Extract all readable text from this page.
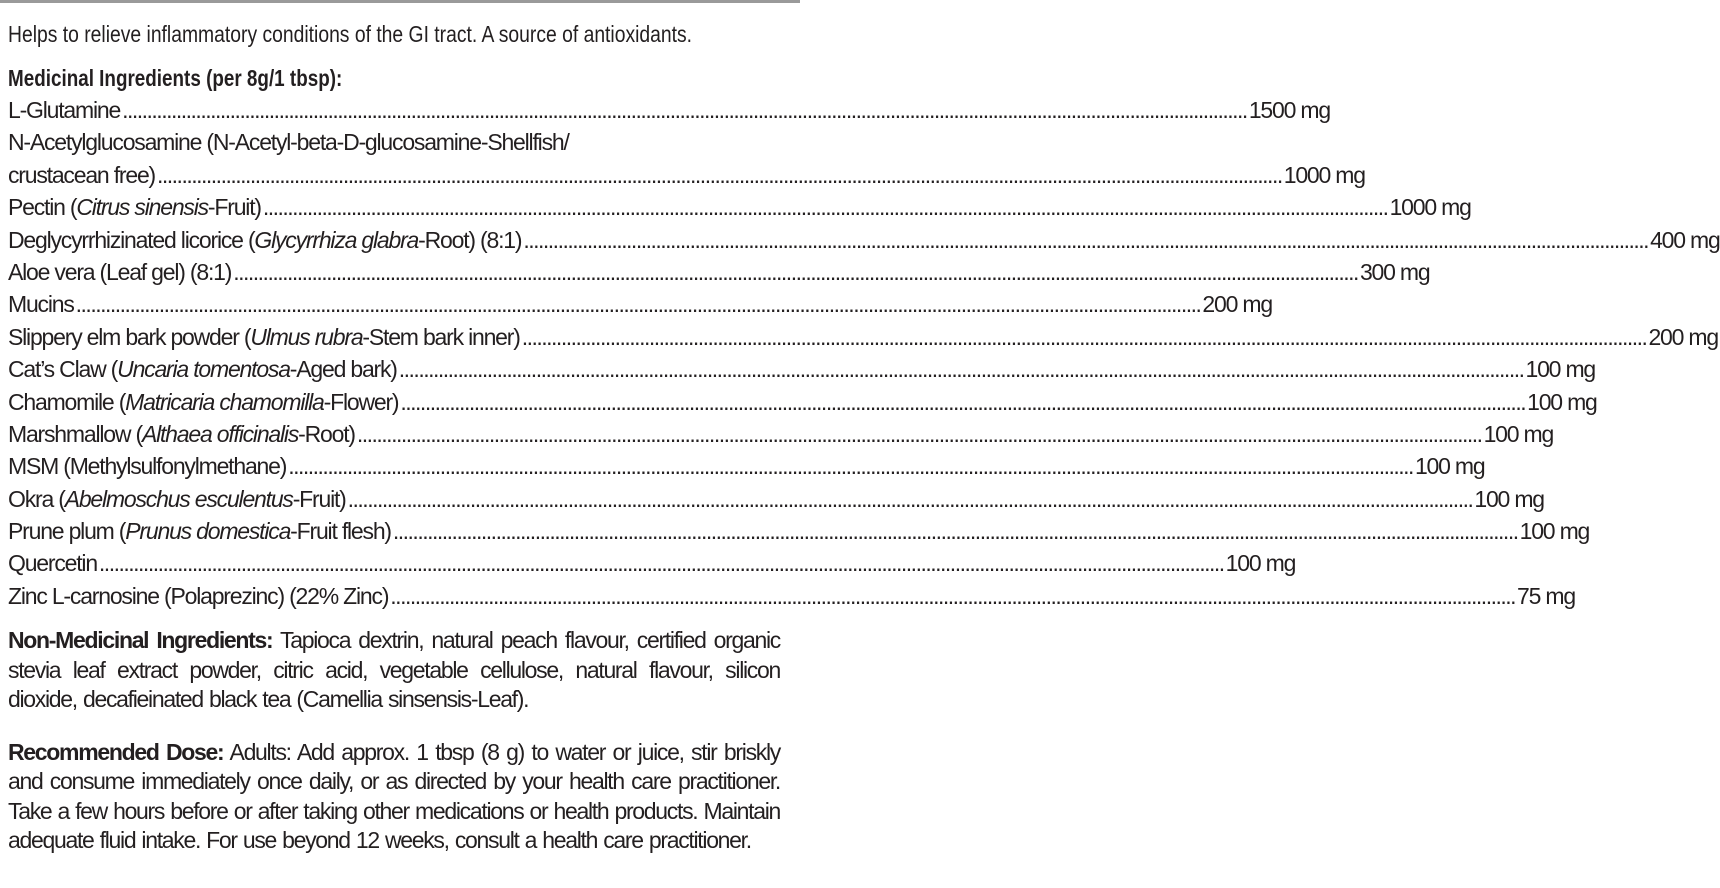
Helps to relieve inflammatory conditions of the GI tract. A source of antioxidants.
Medicinal Ingredients (per 8g/1 tbsp):
L-Glutamine ...................................................................................................................................................................................................................................... 1500 mg
N-Acetylglucosamine (N-Acetyl-beta-D-glucosamine-Shellfish/
crustacean free) ...................................................................................................................................................................................................................................... 1000 mg
Pectin (Citrus sinensis-Fruit) ...................................................................................................................................................................................................................................... 1000 mg
Deglycyrrhizinated licorice (Glycyrrhiza glabra-Root) (8:1) ...................................................................................................................................................................................................................................... 400 mg
Aloe vera (Leaf gel) (8:1) ...................................................................................................................................................................................................................................... 300 mg
Mucins ...................................................................................................................................................................................................................................... 200 mg
Slippery elm bark powder (Ulmus rubra-Stem bark inner) ...................................................................................................................................................................................................................................... 200 mg
Cat’s Claw (Uncaria tomentosa-Aged bark) ...................................................................................................................................................................................................................................... 100 mg
Chamomile (Matricaria chamomilla-Flower) ...................................................................................................................................................................................................................................... 100 mg
Marshmallow (Althaea officinalis-Root) ...................................................................................................................................................................................................................................... 100 mg
MSM (Methylsulfonylmethane) ...................................................................................................................................................................................................................................... 100 mg
Okra (Abelmoschus esculentus-Fruit) ...................................................................................................................................................................................................................................... 100 mg
Prune plum (Prunus domestica-Fruit flesh) ...................................................................................................................................................................................................................................... 100 mg
Quercetin ...................................................................................................................................................................................................................................... 100 mg
Zinc L-carnosine (Polaprezinc) (22% Zinc) ...................................................................................................................................................................................................................................... 75 mg

Non-Medicinal Ingredients: Tapioca dextrin, natural peach flavour, certified organic stevia leaf extract powder, citric acid, vegetable cellulose, natural flavour, silicon dioxide, decafieinated black tea (Camellia sinsensis-Leaf).

Recommended Dose: Adults: Add approx. 1 tbsp (8 g) to water or juice, stir briskly and consume immediately once daily, or as directed by your health care practitioner. Take a few hours before or after taking other medications or health products. Maintain adequate fluid intake. For use beyond 12 weeks, consult a health care practitioner.
